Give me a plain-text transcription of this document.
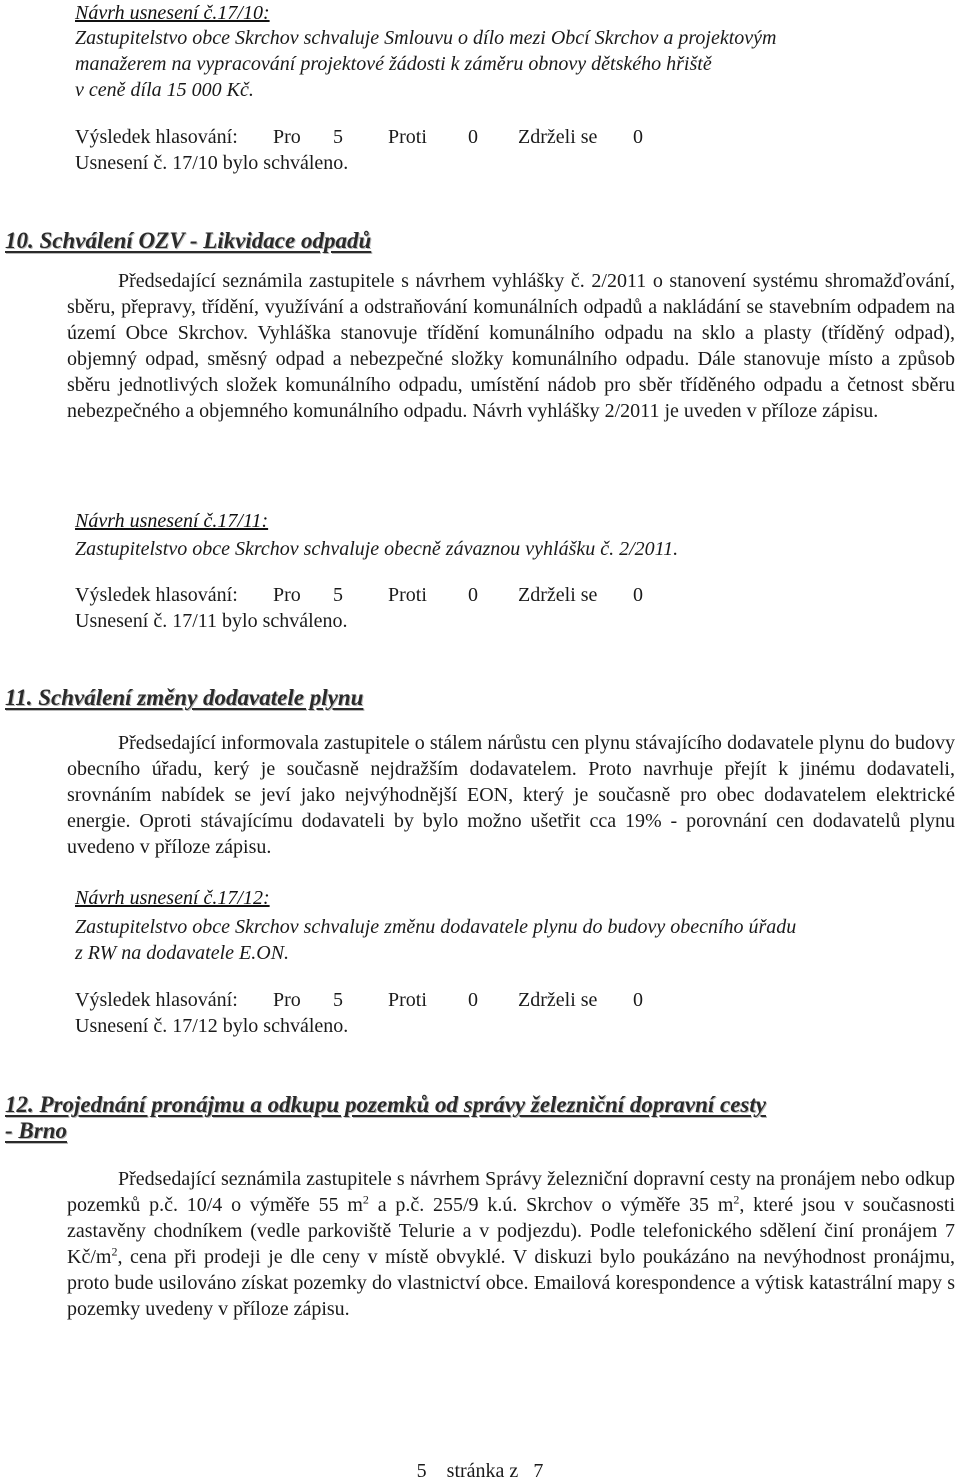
Návrh usnesení č.17/10:
Zastupitelstvo obce Skrchov schvaluje Smlouvu o dílo mezi Obcí Skrchov a projektovým
manažerem na vypracování projektové žádosti k záměru obnovy dětského hřiště
v ceně díla 15 000 Kč.
Výsledek hlasování: Pro 5 Proti 0 Zdrželi se 0
Usnesení č. 17/10 bylo schváleno.
10. Schválení OZV - Likvidace odpadů

Předsedající seznámila zastupitele s návrhem vyhlášky č. 2/2011 o stanovení systému shromažďování, sběru, přepravy, třídění, využívání a odstraňování komunálních odpadů a nakládání se stavebním odpadem na území Obce Skrchov. Vyhláška stanovuje třídění komunálního odpadu na sklo a plasty (tříděný odpad), objemný odpad, směsný odpad a nebezpečné složky komunálního odpadu. Dále stanovuje místo a způsob sběru jednotlivých složek komunálního odpadu, umístění nádob pro sběr tříděného odpadu a četnost sběru nebezpečného a objemného komunálního odpadu. Návrh vyhlášky 2/2011 je uveden v příloze zápisu.

Návrh usnesení č.17/11:
Zastupitelstvo obce Skrchov schvaluje obecně závaznou vyhlášku č. 2/2011.
Výsledek hlasování: Pro 5 Proti 0 Zdrželi se 0
Usnesení č. 17/11 bylo schváleno.
11. Schválení změny dodavatele plynu

Předsedající informovala zastupitele o stálem nárůstu cen plynu stávajícího dodavatele plynu do budovy obecního úřadu, kerý je současně nejdražším dodavatelem. Proto navrhuje přejít k jinému dodavateli, srovnáním nabídek se jeví jako nejvýhodnější EON, který je současně pro obec dodavatelem elektrické energie. Oproti stávajícímu dodavateli by bylo možno ušetřit cca 19% - porovnání cen dodavatelů plynu uvedeno v příloze zápisu.

Návrh usnesení č.17/12:
Zastupitelstvo obce Skrchov schvaluje změnu dodavatele plynu do budovy obecního úřadu
z RW na dodavatele E.ON.
Výsledek hlasování: Pro 5 Proti 0 Zdrželi se 0
Usnesení č. 17/12 bylo schváleno.
12. Projednání pronájmu a odkupu pozemků od správy železniční dopravní cesty
- Brno

Předsedající seznámila zastupitele s návrhem Správy železniční dopravní cesty na pronájem nebo odkup pozemků p.č. 10/4 o výměře 55 $m^2$ a p.č. 255/9 k.ú. Skrchov o výměře 35 $m^2$, které jsou v současnosti zastavěny chodníkem (vedle parkoviště Telurie a v podjezdu). Podle telefonického sdělení činí pronájem 7 $Kč/m^2$, cena při prodeji je dle ceny v místě obvyklé. V diskuzi bylo poukázáno na nevýhodnost pronájmu, proto bude usilováno získat pozemky do vlastnictví obce. Emailová korespondence a výtisk katastrální mapy s pozemky uvedeny v příloze zápisu.

5 stránka z 7
